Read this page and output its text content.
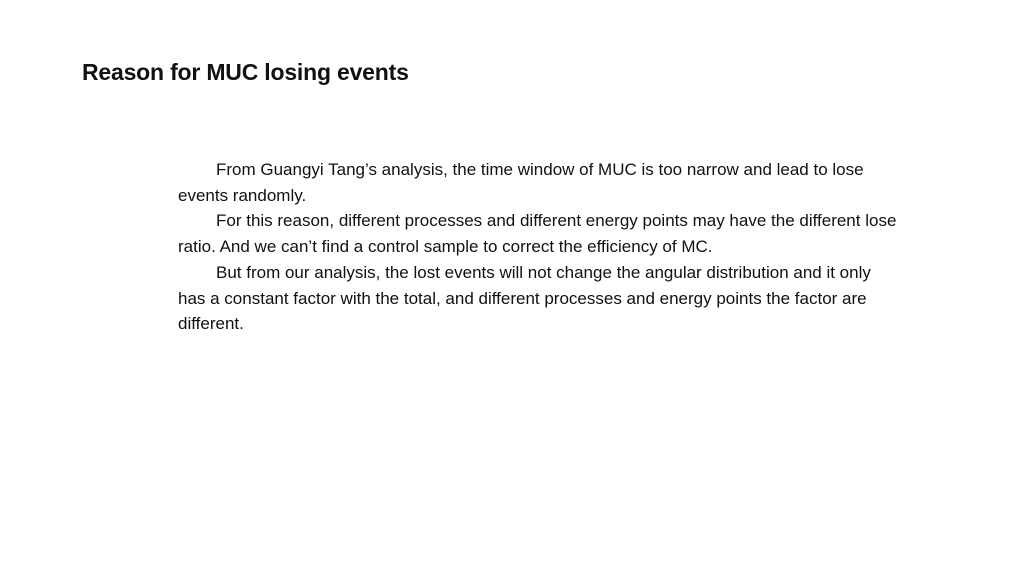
Reason for MUC losing events

From Guangyi Tang’s analysis, the time window of MUC is too narrow and lead to lose events randomly.

For this reason, different processes and different energy points may have the different lose ratio. And we can’t find a control sample to correct the efficiency of MC.

But from our analysis, the lost events will not change the angular distribution and it only has a constant factor with the total, and different processes and energy points the factor are different.
